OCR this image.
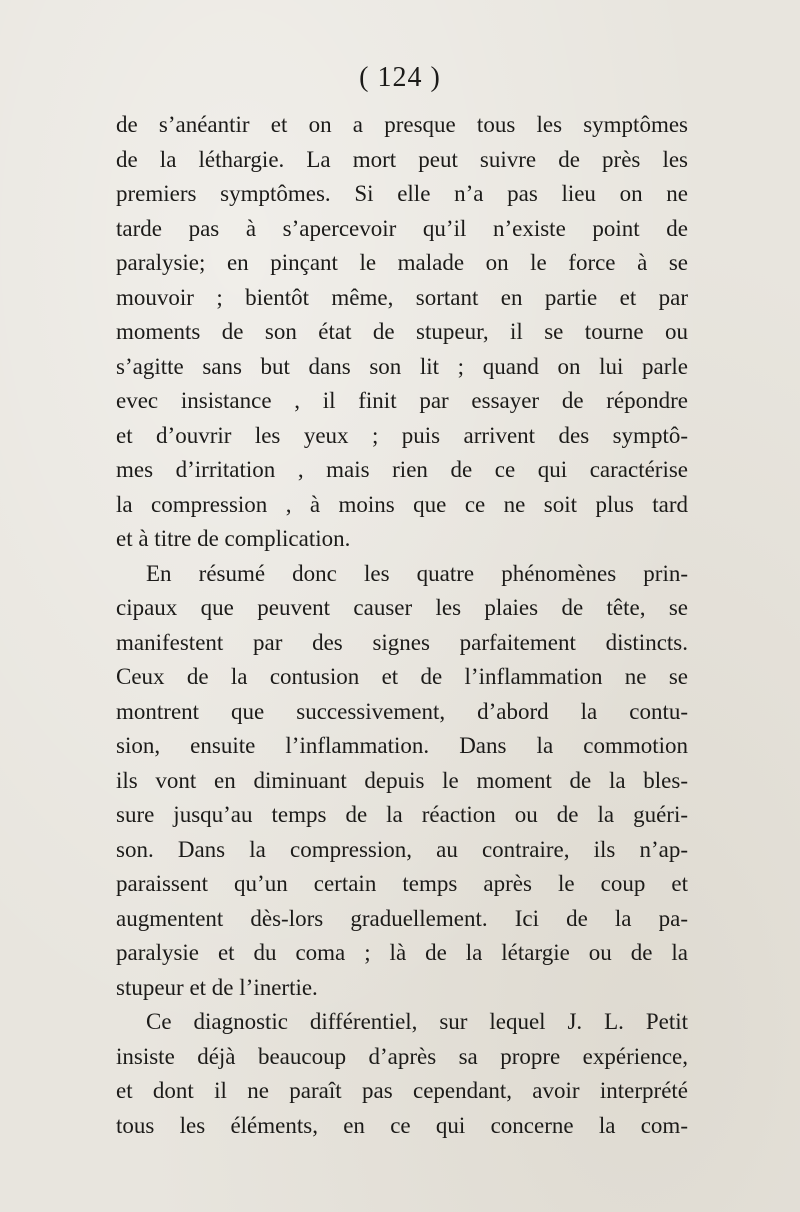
( 124 )
de s’anéantir et on a presque tous les symptômes
de la léthargie. La mort peut suivre de près les
premiers symptômes. Si elle n’a pas lieu on ne
tarde pas à s’apercevoir qu’il n’existe point de
paralysie; en pinçant le malade on le force à se
mouvoir ; bientôt même, sortant en partie et par
moments de son état de stupeur, il se tourne ou
s’agitte sans but dans son lit ; quand on lui parle
evec insistance , il finit par essayer de répondre
et d’ouvrir les yeux ; puis arrivent des symptô-
mes d’irritation , mais rien de ce qui caractérise
la compression , à moins que ce ne soit plus tard
et à titre de complication.
En résumé donc les quatre phénomènes prin-
cipaux que peuvent causer les plaies de tête, se
manifestent par des signes parfaitement distincts.
Ceux de la contusion et de l’inflammation ne se
montrent que successivement, d’abord la contu-
sion, ensuite l’inflammation. Dans la commotion
ils vont en diminuant depuis le moment de la bles-
sure jusqu’au temps de la réaction ou de la guéri-
son. Dans la compression, au contraire, ils n’ap-
paraissent qu’un certain temps après le coup et
augmentent dès-lors graduellement. Ici de la pa-
paralysie et du coma ; là de la létargie ou de la
stupeur et de l’inertie.
Ce diagnostic différentiel, sur lequel J. L. Petit
insiste déjà beaucoup d’après sa propre expérience,
et dont il ne paraît pas cependant, avoir interprété
tous les éléments, en ce qui concerne la com-
